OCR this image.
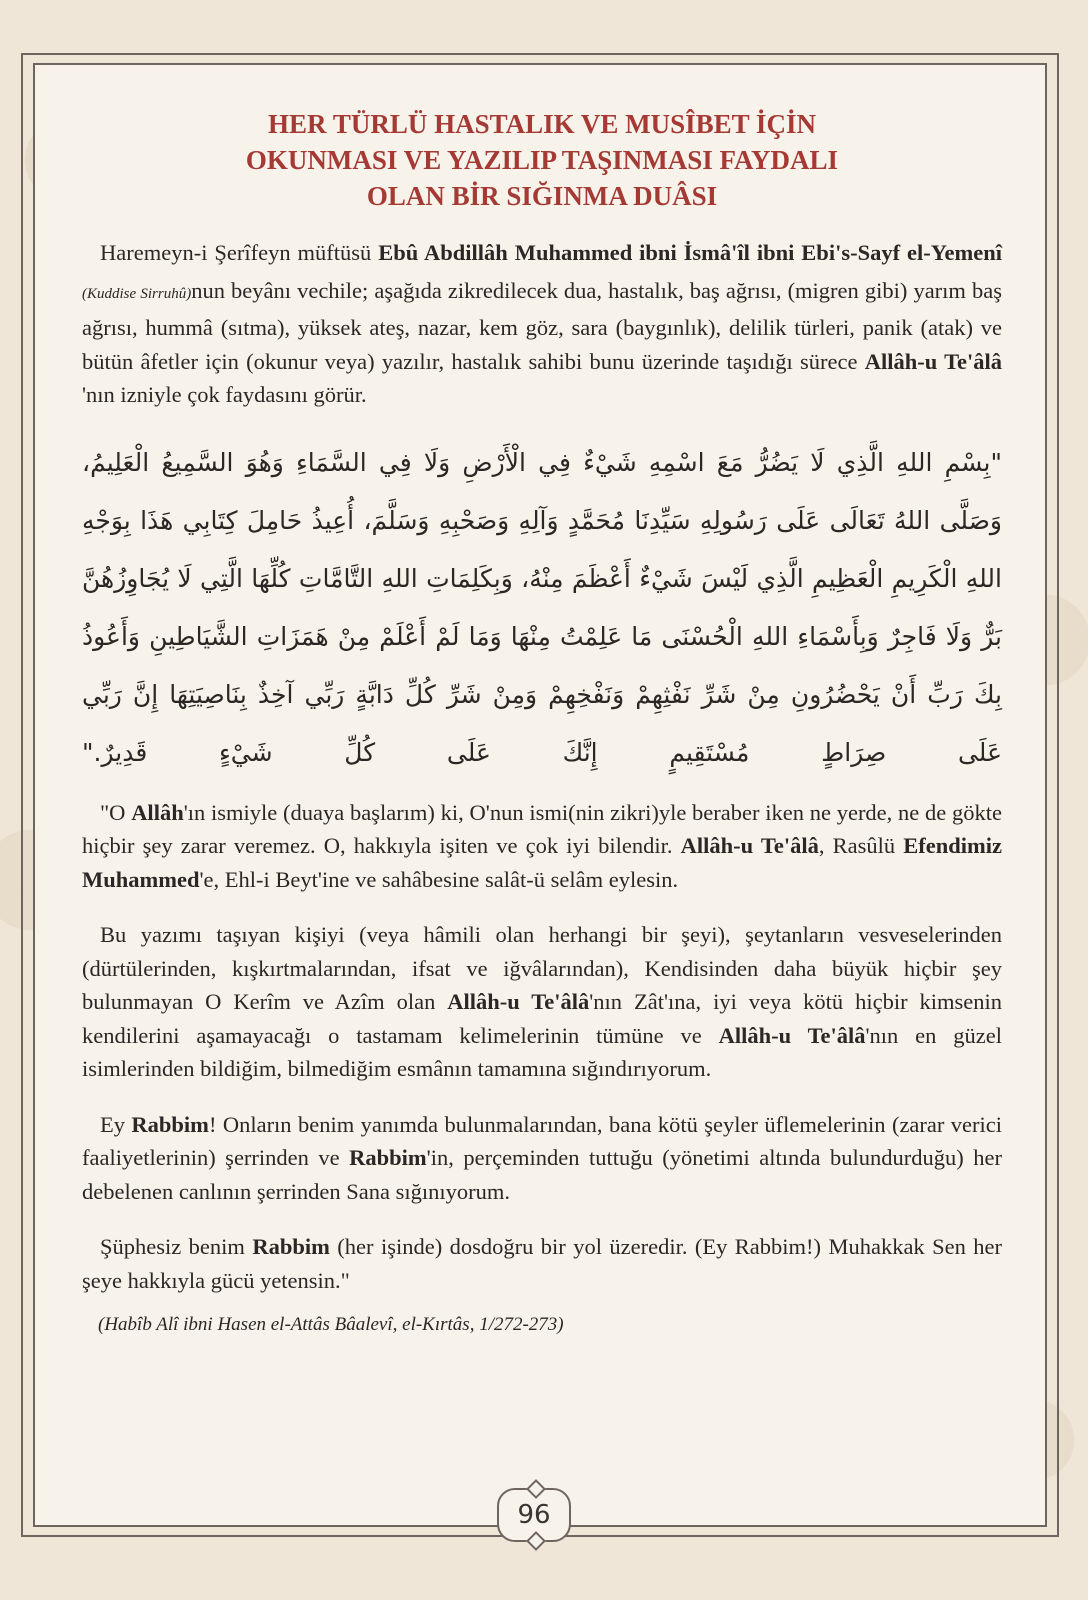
HER TÜRLÜ HASTALIK VE MUSÎBET İÇİN
OKUNMASI VE YAZILIP TAŞINMASI FAYDALI
OLAN BİR SIĞINMA DUÂSI

Haremeyn-i Şerîfeyn müftüsü Ebû Abdillâh Muhammed ibni İsmâ'îl ibni Ebi's-Sayf el-Yemenî (Kuddise Sirruhû)nun beyânı vechile; aşağıda zikredilecek dua, hastalık, baş ağrısı, (migren gibi) yarım baş ağrısı, hummâ (sıtma), yüksek ateş, nazar, kem göz, sara (baygınlık), delilik türleri, panik (atak) ve bütün âfetler için (okunur veya) yazılır, hastalık sahibi bunu üzerinde taşıdığı sürece Allâh-u Te'âlâ 'nın izniyle çok faydasını görür.

"بِسْمِ اللهِ الَّذِي لَا يَضُرُّ مَعَ اسْمِهِ شَيْءٌ فِي الْأَرْضِ وَلَا فِي السَّمَاءِ وَهُوَ السَّمِيعُ الْعَلِيمُ، وَصَلَّى اللهُ تَعَالَى عَلَى رَسُولِهِ سَيِّدِنَا مُحَمَّدٍ وَآلِهِ وَصَحْبِهِ وَسَلَّمَ، أُعِيذُ حَامِلَ كِتَابِي هَذَا بِوَجْهِ اللهِ الْكَرِيمِ الْعَظِيمِ الَّذِي لَيْسَ شَيْءٌ أَعْظَمَ مِنْهُ، وَبِكَلِمَاتِ اللهِ التَّامَّاتِ كُلِّهَا الَّتِي لَا يُجَاوِزُهُنَّ بَرٌّ وَلَا فَاجِرٌ وَبِأَسْمَاءِ اللهِ الْحُسْنَى مَا عَلِمْتُ مِنْهَا وَمَا لَمْ أَعْلَمْ مِنْ هَمَزَاتِ الشَّيَاطِينِ وَأَعُوذُ بِكَ رَبِّ أَنْ يَحْضُرُونِ مِنْ شَرِّ نَفْثِهِمْ وَنَفْخِهِمْ وَمِنْ شَرِّ كُلِّ دَابَّةٍ رَبِّي آخِذٌ بِنَاصِيَتِهَا إِنَّ رَبِّي عَلَى صِرَاطٍ مُسْتَقِيمٍ إِنَّكَ عَلَى كُلِّ شَيْءٍ قَدِيرٌ."

"O Allâh'ın ismiyle (duaya başlarım) ki, O'nun ismi(nin zikri)yle beraber iken ne yerde, ne de gökte hiçbir şey zarar veremez. O, hakkıyla işiten ve çok iyi bilendir. Allâh-u Te'âlâ, Rasûlü Efendimiz Muhammed'e, Ehl-i Beyt'ine ve sahâbesine salât-ü selâm eylesin.

Bu yazımı taşıyan kişiyi (veya hâmili olan herhangi bir şeyi), şeytanların vesveselerinden (dürtülerinden, kışkırtmalarından, ifsat ve iğvâlarından), Kendisinden daha büyük hiçbir şey bulunmayan O Kerîm ve Azîm olan Allâh-u Te'âlâ'nın Zât'ına, iyi veya kötü hiçbir kimsenin kendilerini aşamayacağı o tastamam kelimelerinin tümüne ve Allâh-u Te'âlâ'nın en güzel isimlerinden bildiğim, bilmediğim esmânın tamamına sığındırıyorum.

Ey Rabbim! Onların benim yanımda bulunmalarından, bana kötü şeyler üflemelerinin (zarar verici faaliyetlerinin) şerrinden ve Rabbim'in, perçeminden tuttuğu (yönetimi altında bulundurduğu) her debelenen canlının şerrinden Sana sığınıyorum.

Şüphesiz benim Rabbim (her işinde) dosdoğru bir yol üzeredir. (Ey Rabbim!) Muhakkak Sen her şeye hakkıyla gücü yetensin."

(Habîb Alî ibni Hasen el-Attâs Bâalevî, el-Kırtâs, 1/272-273)

96
